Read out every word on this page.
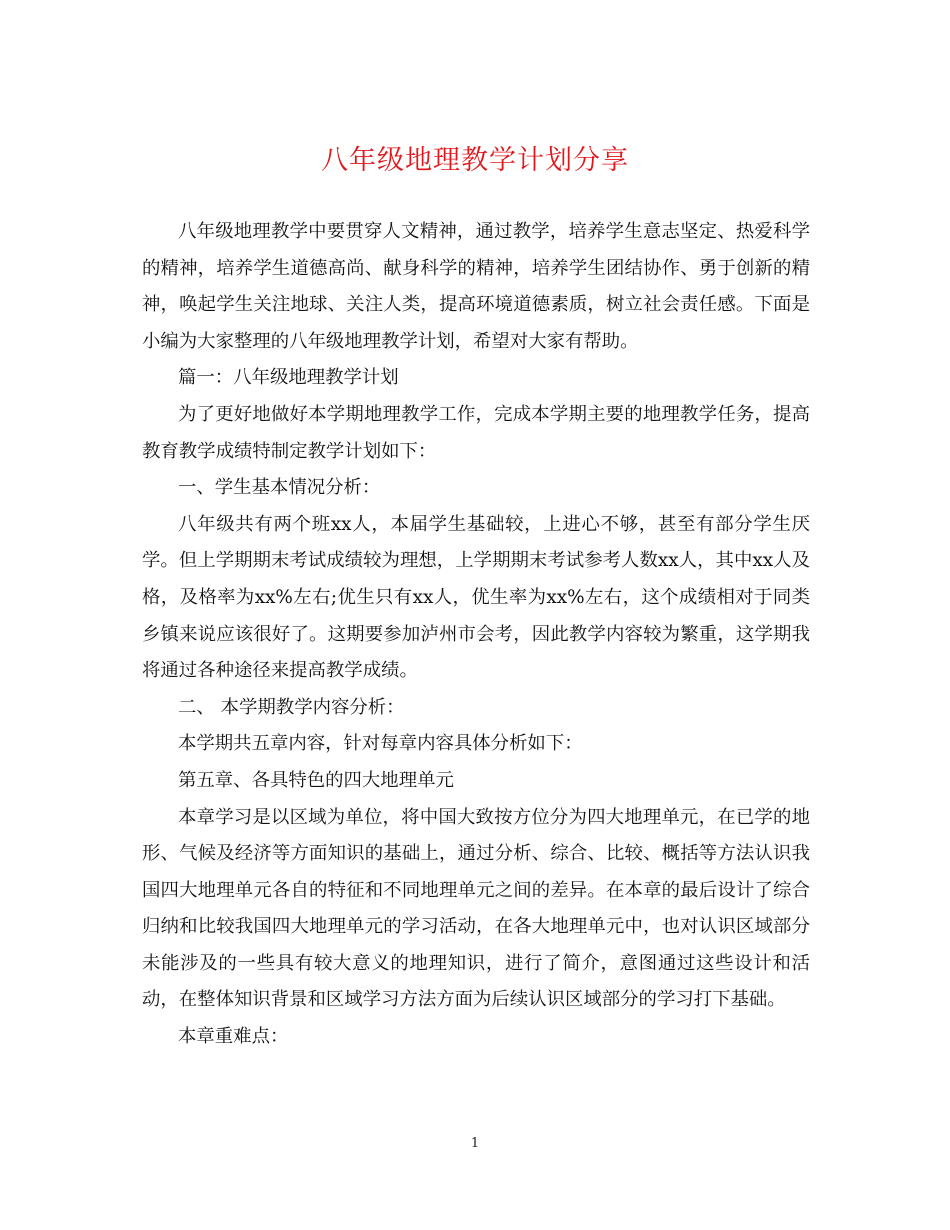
八年级地理教学计划分享

八年级地理教学中要贯穿人文精神，通过教学，培养学生意志坚定、热爱科学的精神，培养学生道德高尚、献身科学的精神，培养学生团结协作、勇于创新的精神，唤起学生关注地球、关注人类，提高环境道德素质，树立社会责任感。下面是小编为大家整理的八年级地理教学计划，希望对大家有帮助。

篇一：八年级地理教学计划

为了更好地做好本学期地理教学工作，完成本学期主要的地理教学任务，提高教育教学成绩特制定教学计划如下：

一、学生基本情况分析：

八年级共有两个班xx人，本届学生基础较，上进心不够，甚至有部分学生厌学。但上学期期末考试成绩较为理想，上学期期末考试参考人数xx人，其中xx人及格，及格率为xx%左右;优生只有xx人，优生率为xx%左右，这个成绩相对于同类乡镇来说应该很好了。这期要参加泸州市会考，因此教学内容较为繁重，这学期我将通过各种途径来提高教学成绩。

二、 本学期教学内容分析：

本学期共五章内容，针对每章内容具体分析如下：

第五章、各具特色的四大地理单元

本章学习是以区域为单位，将中国大致按方位分为四大地理单元，在已学的地形、气候及经济等方面知识的基础上，通过分析、综合、比较、概括等方法认识我国四大地理单元各自的特征和不同地理单元之间的差异。在本章的最后设计了综合归纳和比较我国四大地理单元的学习活动，在各大地理单元中，也对认识区域部分未能涉及的一些具有较大意义的地理知识，进行了简介，意图通过这些设计和活动，在整体知识背景和区域学习方法方面为后续认识区域部分的学习打下基础。

本章重难点：

1
